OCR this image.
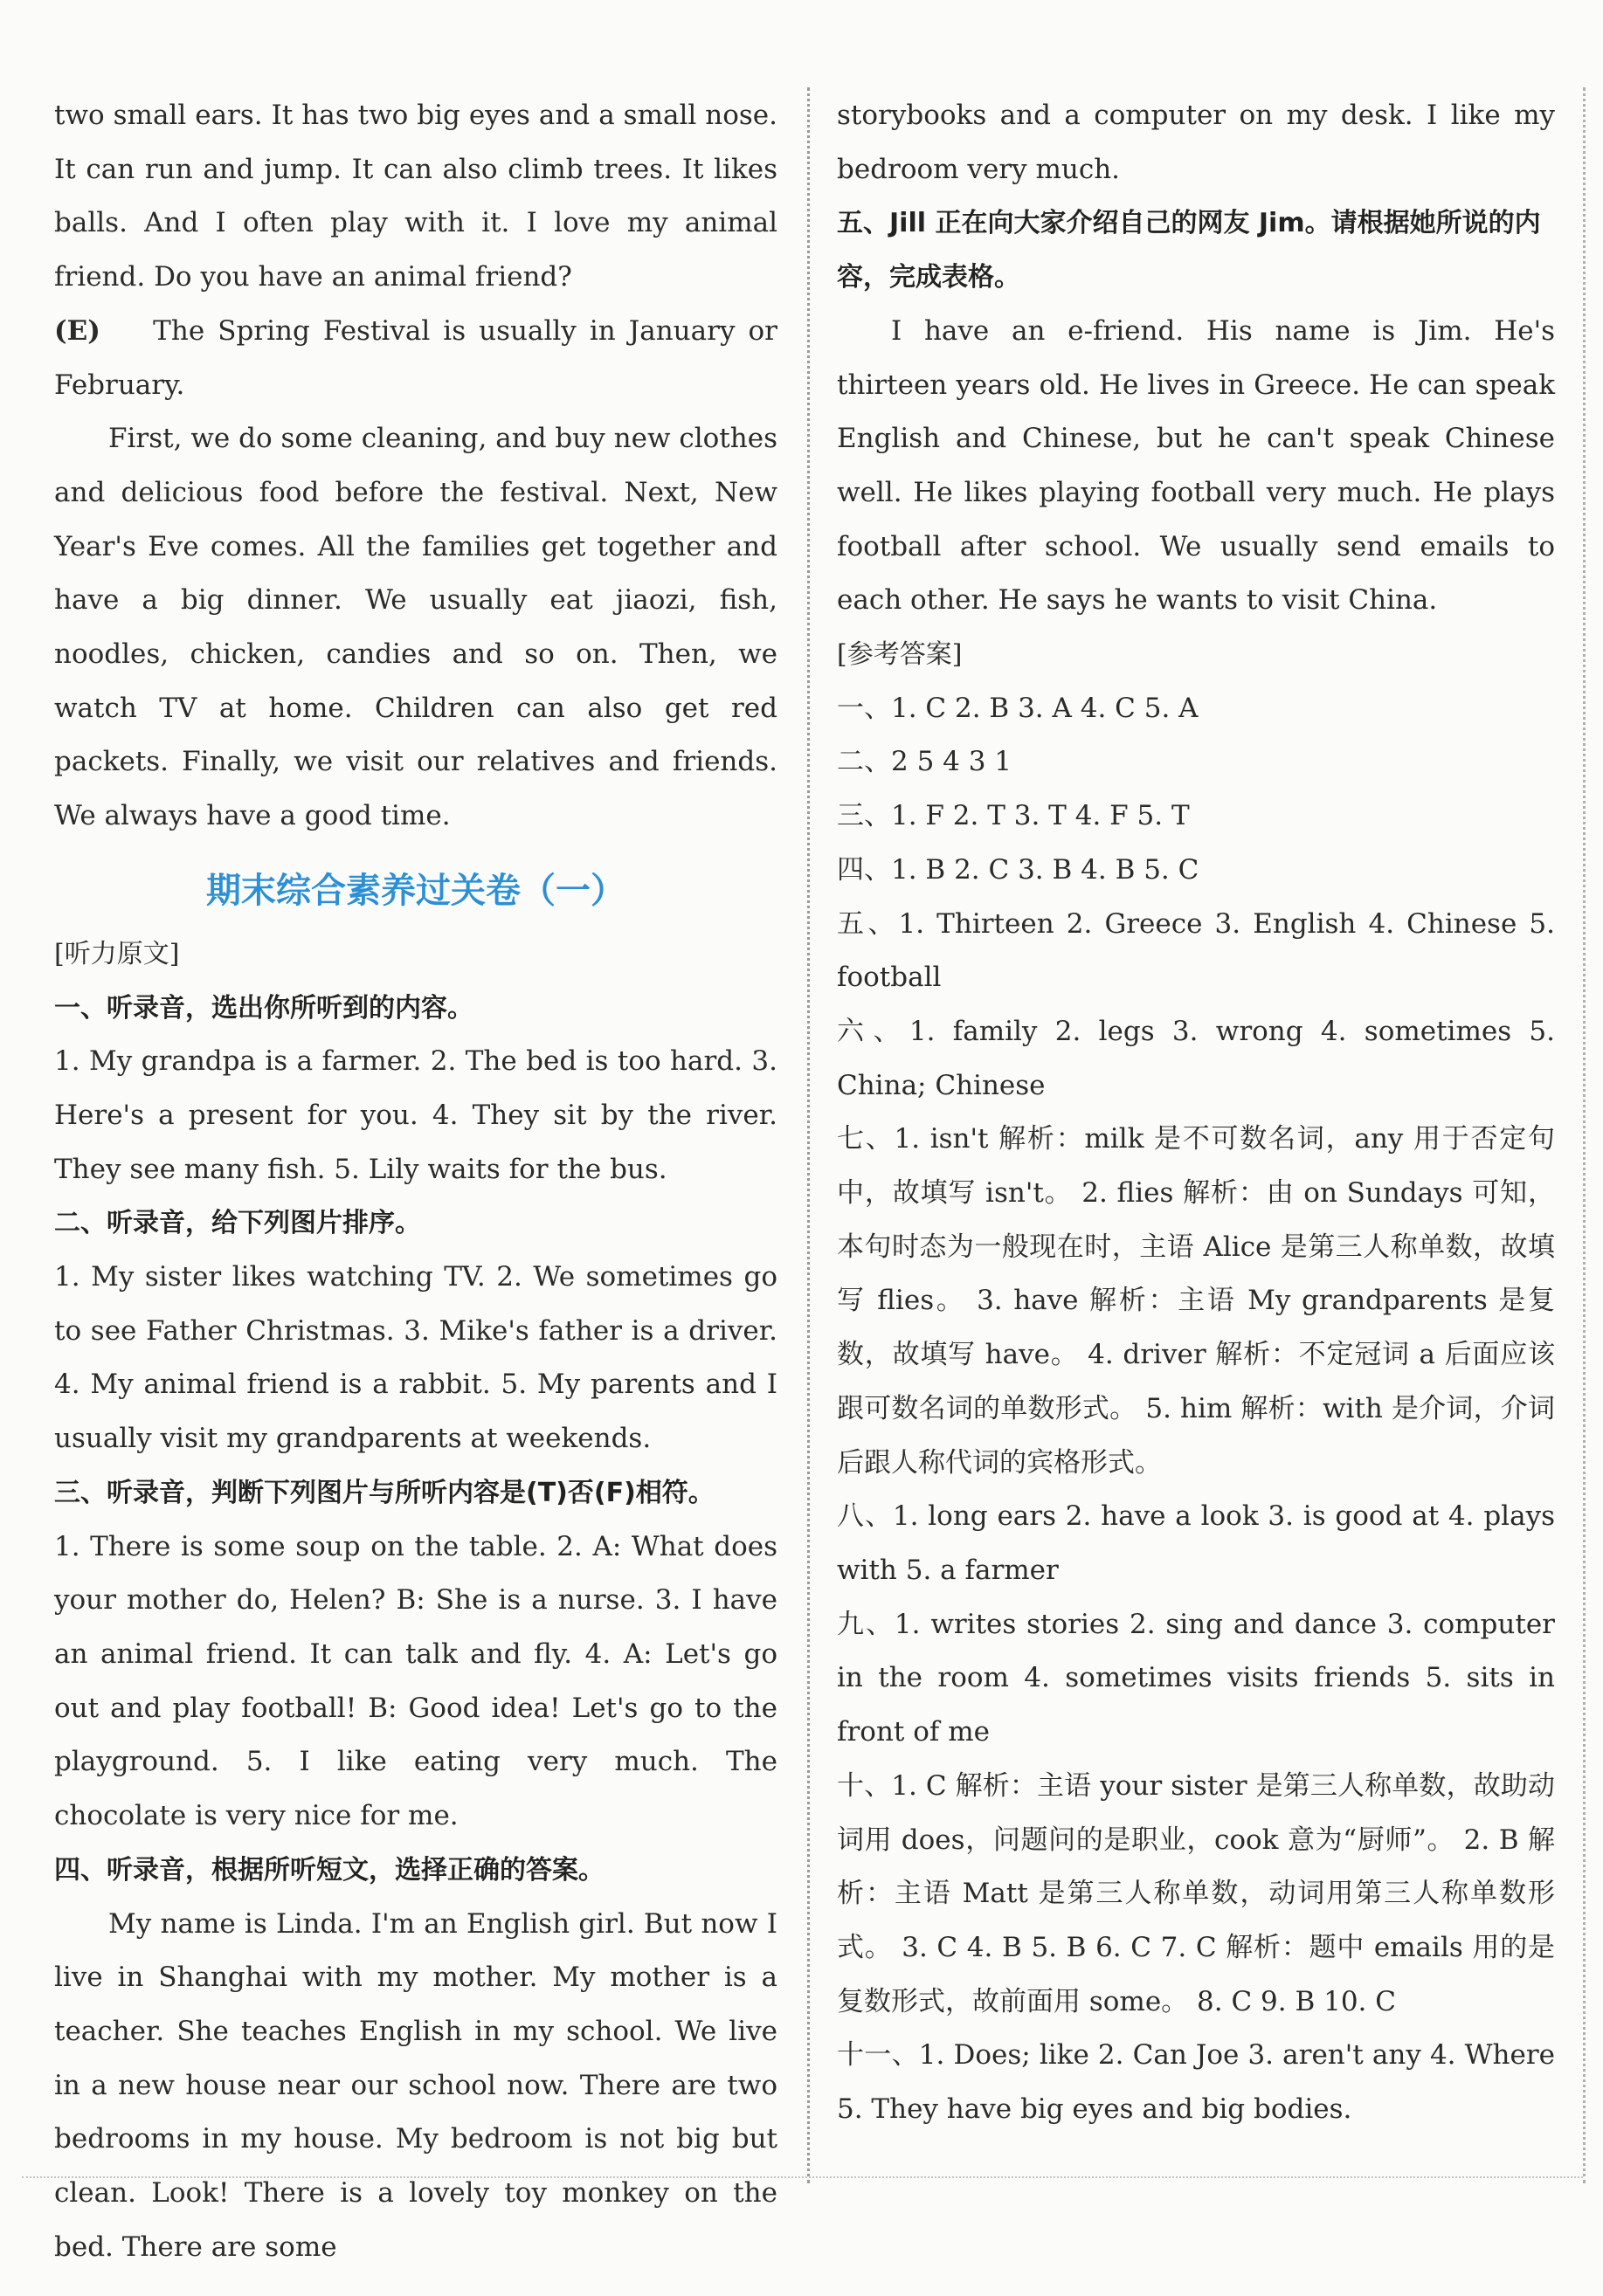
two small ears. It has two big eyes and a small nose. It can run and jump. It can also climb trees. It likes balls. And I often play with it. I love my animal friend. Do you have an animal friend?

(E) The Spring Festival is usually in January or February.

First, we do some cleaning, and buy new clothes and delicious food before the festival. Next, New Year's Eve comes. All the families get together and have a big dinner. We usually eat jiaozi, fish, noodles, chicken, candies and so on. Then, we watch TV at home. Children can also get red packets. Finally, we visit our relatives and friends. We always have a good time.

期末综合素养过关卷（一）
[听力原文]
一、听录音，选出你所听到的内容。

1. My grandpa is a farmer. 2. The bed is too hard. 3. Here's a present for you. 4. They sit by the river. They see many fish. 5. Lily waits for the bus.

二、听录音，给下列图片排序。

1. My sister likes watching TV. 2. We sometimes go to see Father Christmas. 3. Mike's father is a driver. 4. My animal friend is a rabbit. 5. My parents and I usually visit my grandparents at weekends.

三、听录音，判断下列图片与所听内容是(T)否(F)相符。

1. There is some soup on the table. 2. A: What does your mother do, Helen? B: She is a nurse. 3. I have an animal friend. It can talk and fly. 4. A: Let's go out and play football! B: Good idea! Let's go to the playground. 5. I like eating very much. The chocolate is very nice for me.

四、听录音，根据所听短文，选择正确的答案。

My name is Linda. I'm an English girl. But now I live in Shanghai with my mother. My mother is a teacher. She teaches English in my school. We live in a new house near our school now. There are two bedrooms in my house. My bedroom is not big but clean. Look! There is a lovely toy monkey on the bed. There are some

storybooks and a computer on my desk. I like my bedroom very much.

五、Jill 正在向大家介绍自己的网友 Jim。请根据她所说的内容，完成表格。

I have an e-friend. His name is Jim. He's thirteen years old. He lives in Greece. He can speak English and Chinese, but he can't speak Chinese well. He likes playing football very much. He plays football after school. We usually send emails to each other. He says he wants to visit China.

[参考答案]

一、1. C 2. B 3. A 4. C 5. A

二、2 5 4 3 1

三、1. F 2. T 3. T 4. F 5. T

四、1. B 2. C 3. B 4. B 5. C

五、1. Thirteen 2. Greece 3. English 4. Chinese 5. football

六、1. family 2. legs 3. wrong 4. sometimes 5. China; Chinese

七、1. isn't 解析：milk 是不可数名词，any 用于否定句中，故填写 isn't。 2. flies 解析：由 on Sundays 可知，本句时态为一般现在时，主语 Alice 是第三人称单数，故填写 flies。 3. have 解析：主语 My grandparents 是复数，故填写 have。 4. driver 解析：不定冠词 a 后面应该跟可数名词的单数形式。 5. him 解析：with 是介词，介词后跟人称代词的宾格形式。

八、1. long ears 2. have a look 3. is good at 4. plays with 5. a farmer

九、1. writes stories 2. sing and dance 3. computer in the room 4. sometimes visits friends 5. sits in front of me

十、1. C 解析：主语 your sister 是第三人称单数，故助动词用 does，问题问的是职业，cook 意为“厨师”。 2. B 解析：主语 Matt 是第三人称单数，动词用第三人称单数形式。 3. C 4. B 5. B 6. C 7. C 解析：题中 emails 用的是复数形式，故前面用 some。 8. C 9. B 10. C

十一、1. Does; like 2. Can Joe 3. aren't any 4. Where 5. They have big eyes and big bodies.
